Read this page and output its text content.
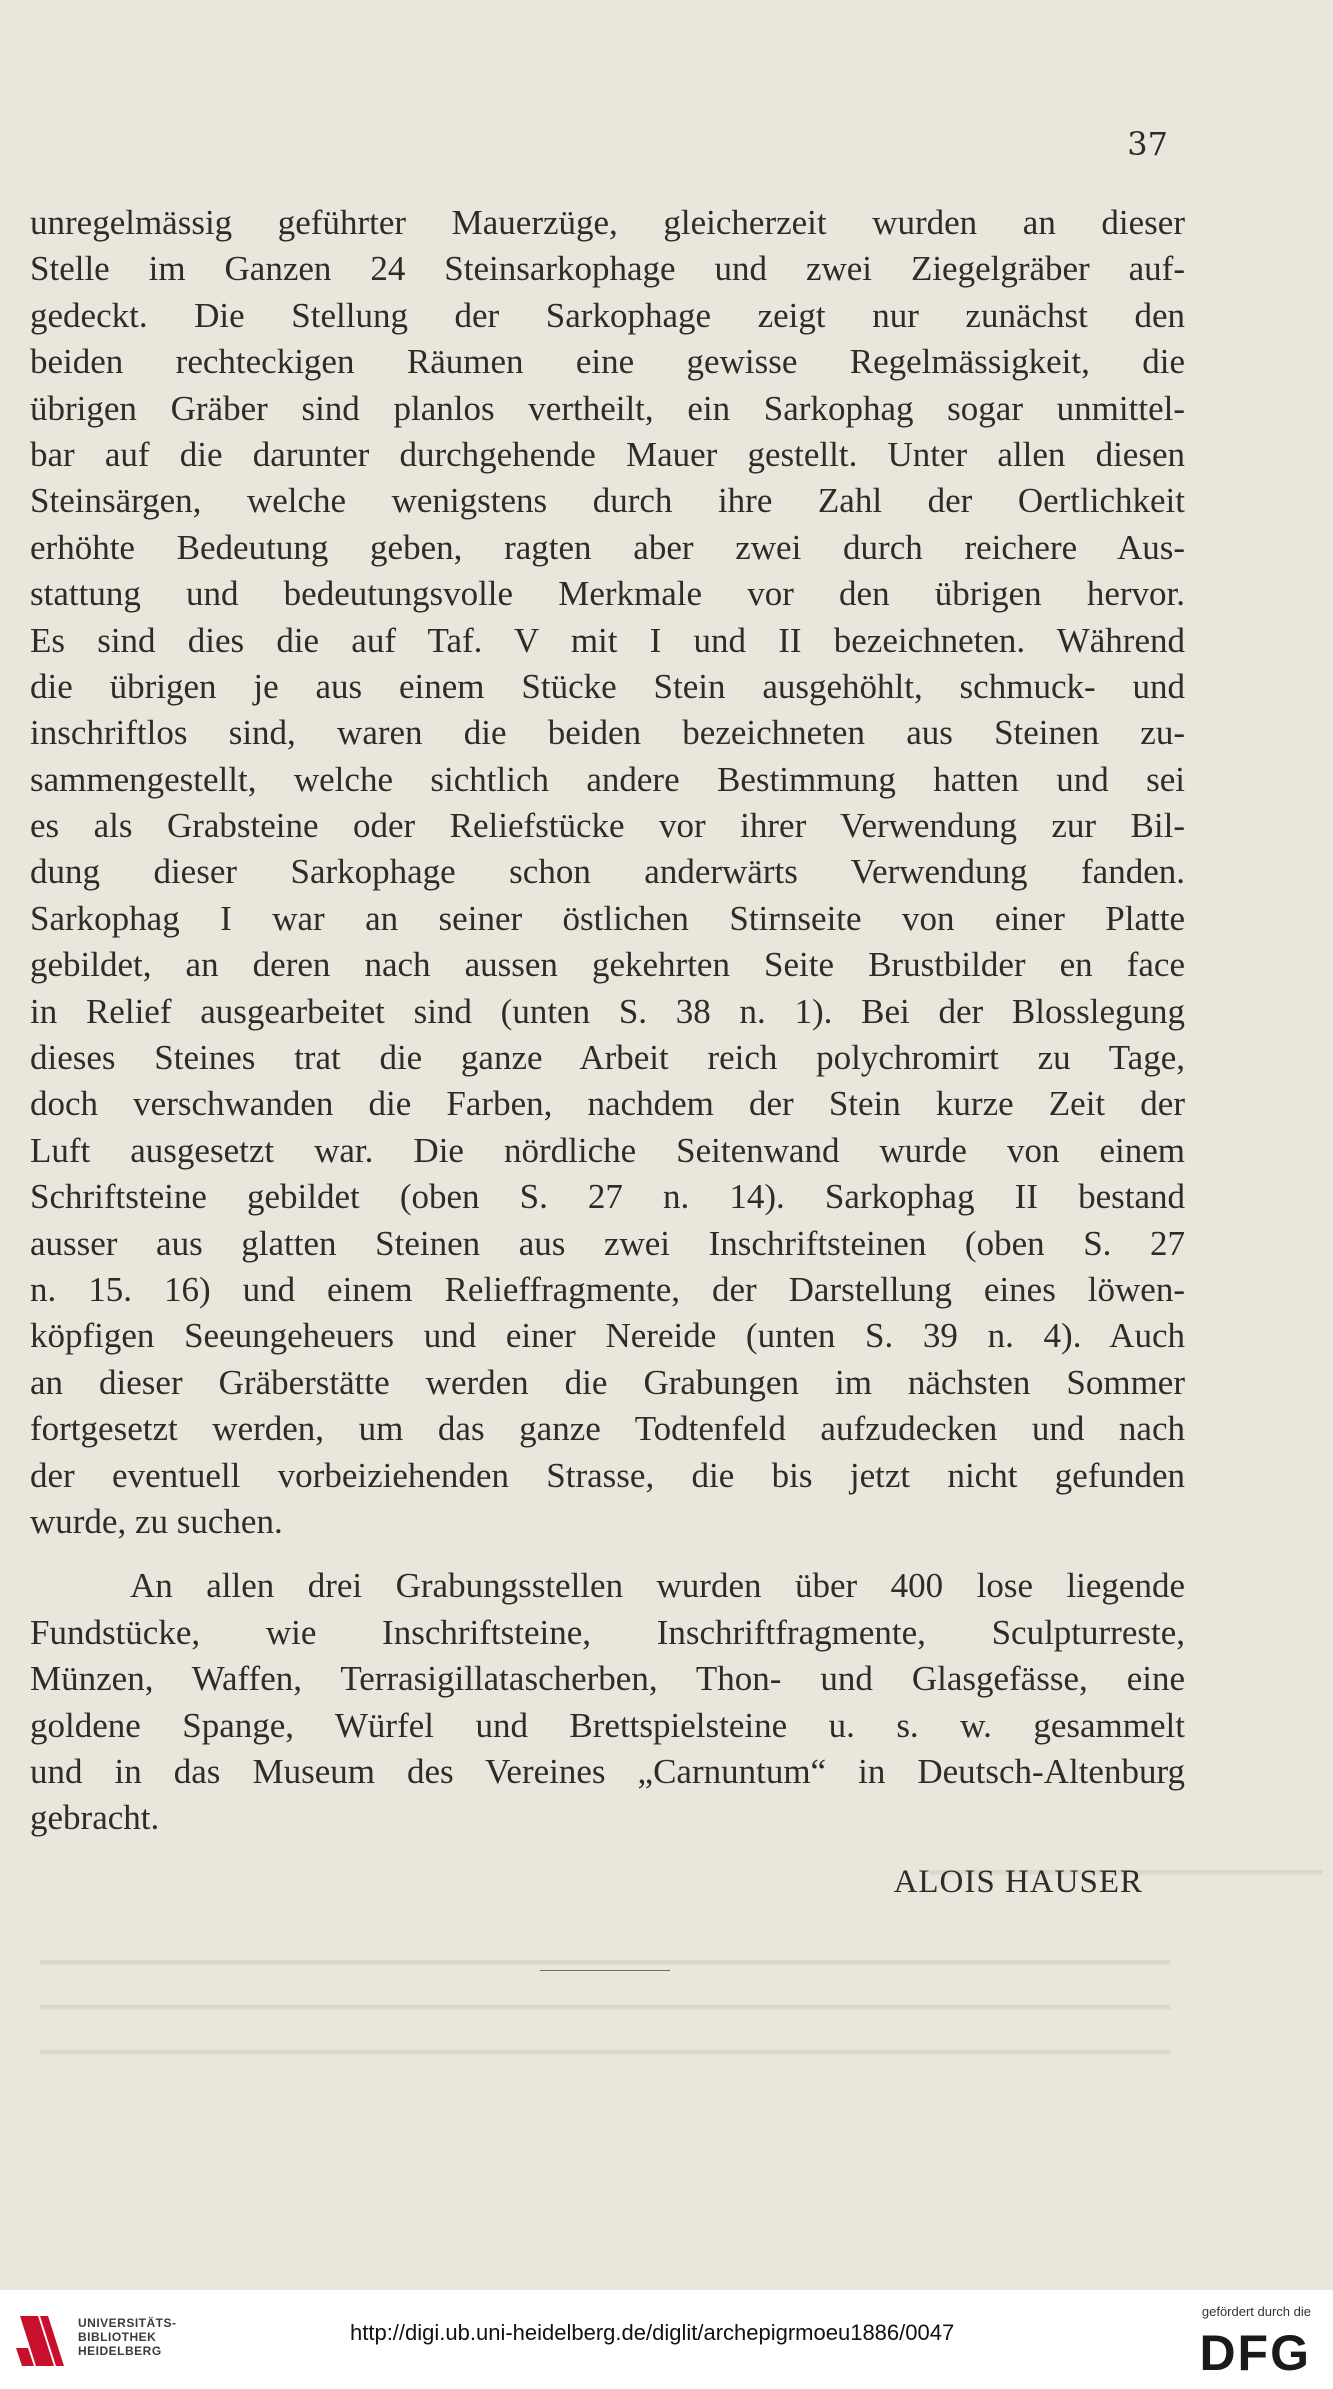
37
▁▁▁▁▁▁▁▁▁▁▁▁▁▁▁▁▁
▁▁▁▁▁▁▁▁▁▁▁▁▁▁▁▁▁▁▁▁▁▁▁▁▁▁▁▁▁▁▁▁▁▁▁▁▁▁▁▁▁▁▁▁▁▁▁▁▁
▁▁▁▁▁▁▁▁▁▁▁▁▁▁▁▁▁▁▁▁▁▁▁▁▁▁▁▁▁▁▁▁▁▁▁▁▁▁▁▁▁▁▁▁▁▁▁▁▁
▁▁▁▁▁▁▁▁▁▁▁▁▁▁▁▁▁▁▁▁▁▁▁▁▁▁▁▁▁▁▁▁▁▁▁▁▁▁▁▁▁▁▁▁▁▁▁▁▁
unregelmässig geführter Mauerzüge, gleicherzeit wurden an dieser
Stelle im Ganzen 24 Steinsarkophage und zwei Ziegelgräber auf-
gedeckt. Die Stellung der Sarkophage zeigt nur zunächst den
beiden rechteckigen Räumen eine gewisse Regelmässigkeit, die
übrigen Gräber sind planlos vertheilt, ein Sarkophag sogar unmittel-
bar auf die darunter durchgehende Mauer gestellt. Unter allen diesen
Steinsärgen, welche wenigstens durch ihre Zahl der Oertlichkeit
erhöhte Bedeutung geben, ragten aber zwei durch reichere Aus-
stattung und bedeutungsvolle Merkmale vor den übrigen hervor.
Es sind dies die auf Taf. V mit I und II bezeichneten. Während
die übrigen je aus einem Stücke Stein ausgehöhlt, schmuck- und
inschriftlos sind, waren die beiden bezeichneten aus Steinen zu-
sammengestellt, welche sichtlich andere Bestimmung hatten und sei
es als Grabsteine oder Reliefstücke vor ihrer Verwendung zur Bil-
dung dieser Sarkophage schon anderwärts Verwendung fanden.
Sarkophag I war an seiner östlichen Stirnseite von einer Platte
gebildet, an deren nach aussen gekehrten Seite Brustbilder en face
in Relief ausgearbeitet sind (unten S. 38 n. 1). Bei der Blosslegung
dieses Steines trat die ganze Arbeit reich polychromirt zu Tage,
doch verschwanden die Farben, nachdem der Stein kurze Zeit der
Luft ausgesetzt war. Die nördliche Seitenwand wurde von einem
Schriftsteine gebildet (oben S. 27 n. 14). Sarkophag II bestand
ausser aus glatten Steinen aus zwei Inschriftsteinen (oben S. 27
n. 15. 16) und einem Relieffragmente, der Darstellung eines löwen-
köpfigen Seeungeheuers und einer Nereide (unten S. 39 n. 4). Auch
an dieser Gräberstätte werden die Grabungen im nächsten Sommer
fortgesetzt werden, um das ganze Todtenfeld aufzudecken und nach
der eventuell vorbeiziehenden Strasse, die bis jetzt nicht gefunden
wurde, zu suchen.
An allen drei Grabungsstellen wurden über 400 lose liegende
Fundstücke, wie Inschriftsteine, Inschriftfragmente, Sculpturreste,
Münzen, Waffen, Terrasigillatascherben, Thon- und Glasgefässe, eine
goldene Spange, Würfel und Brettspielsteine u. s. w. gesammelt
und in das Museum des Vereines „Carnuntum“ in Deutsch-Altenburg
gebracht.
ALOIS HAUSER
UNIVERSITÄTS-
BIBLIOTHEK
HEIDELBERG
http://digi.ub.uni-heidelberg.de/diglit/archepigrmoeu1886/0047
gefördert durch die
DFG
